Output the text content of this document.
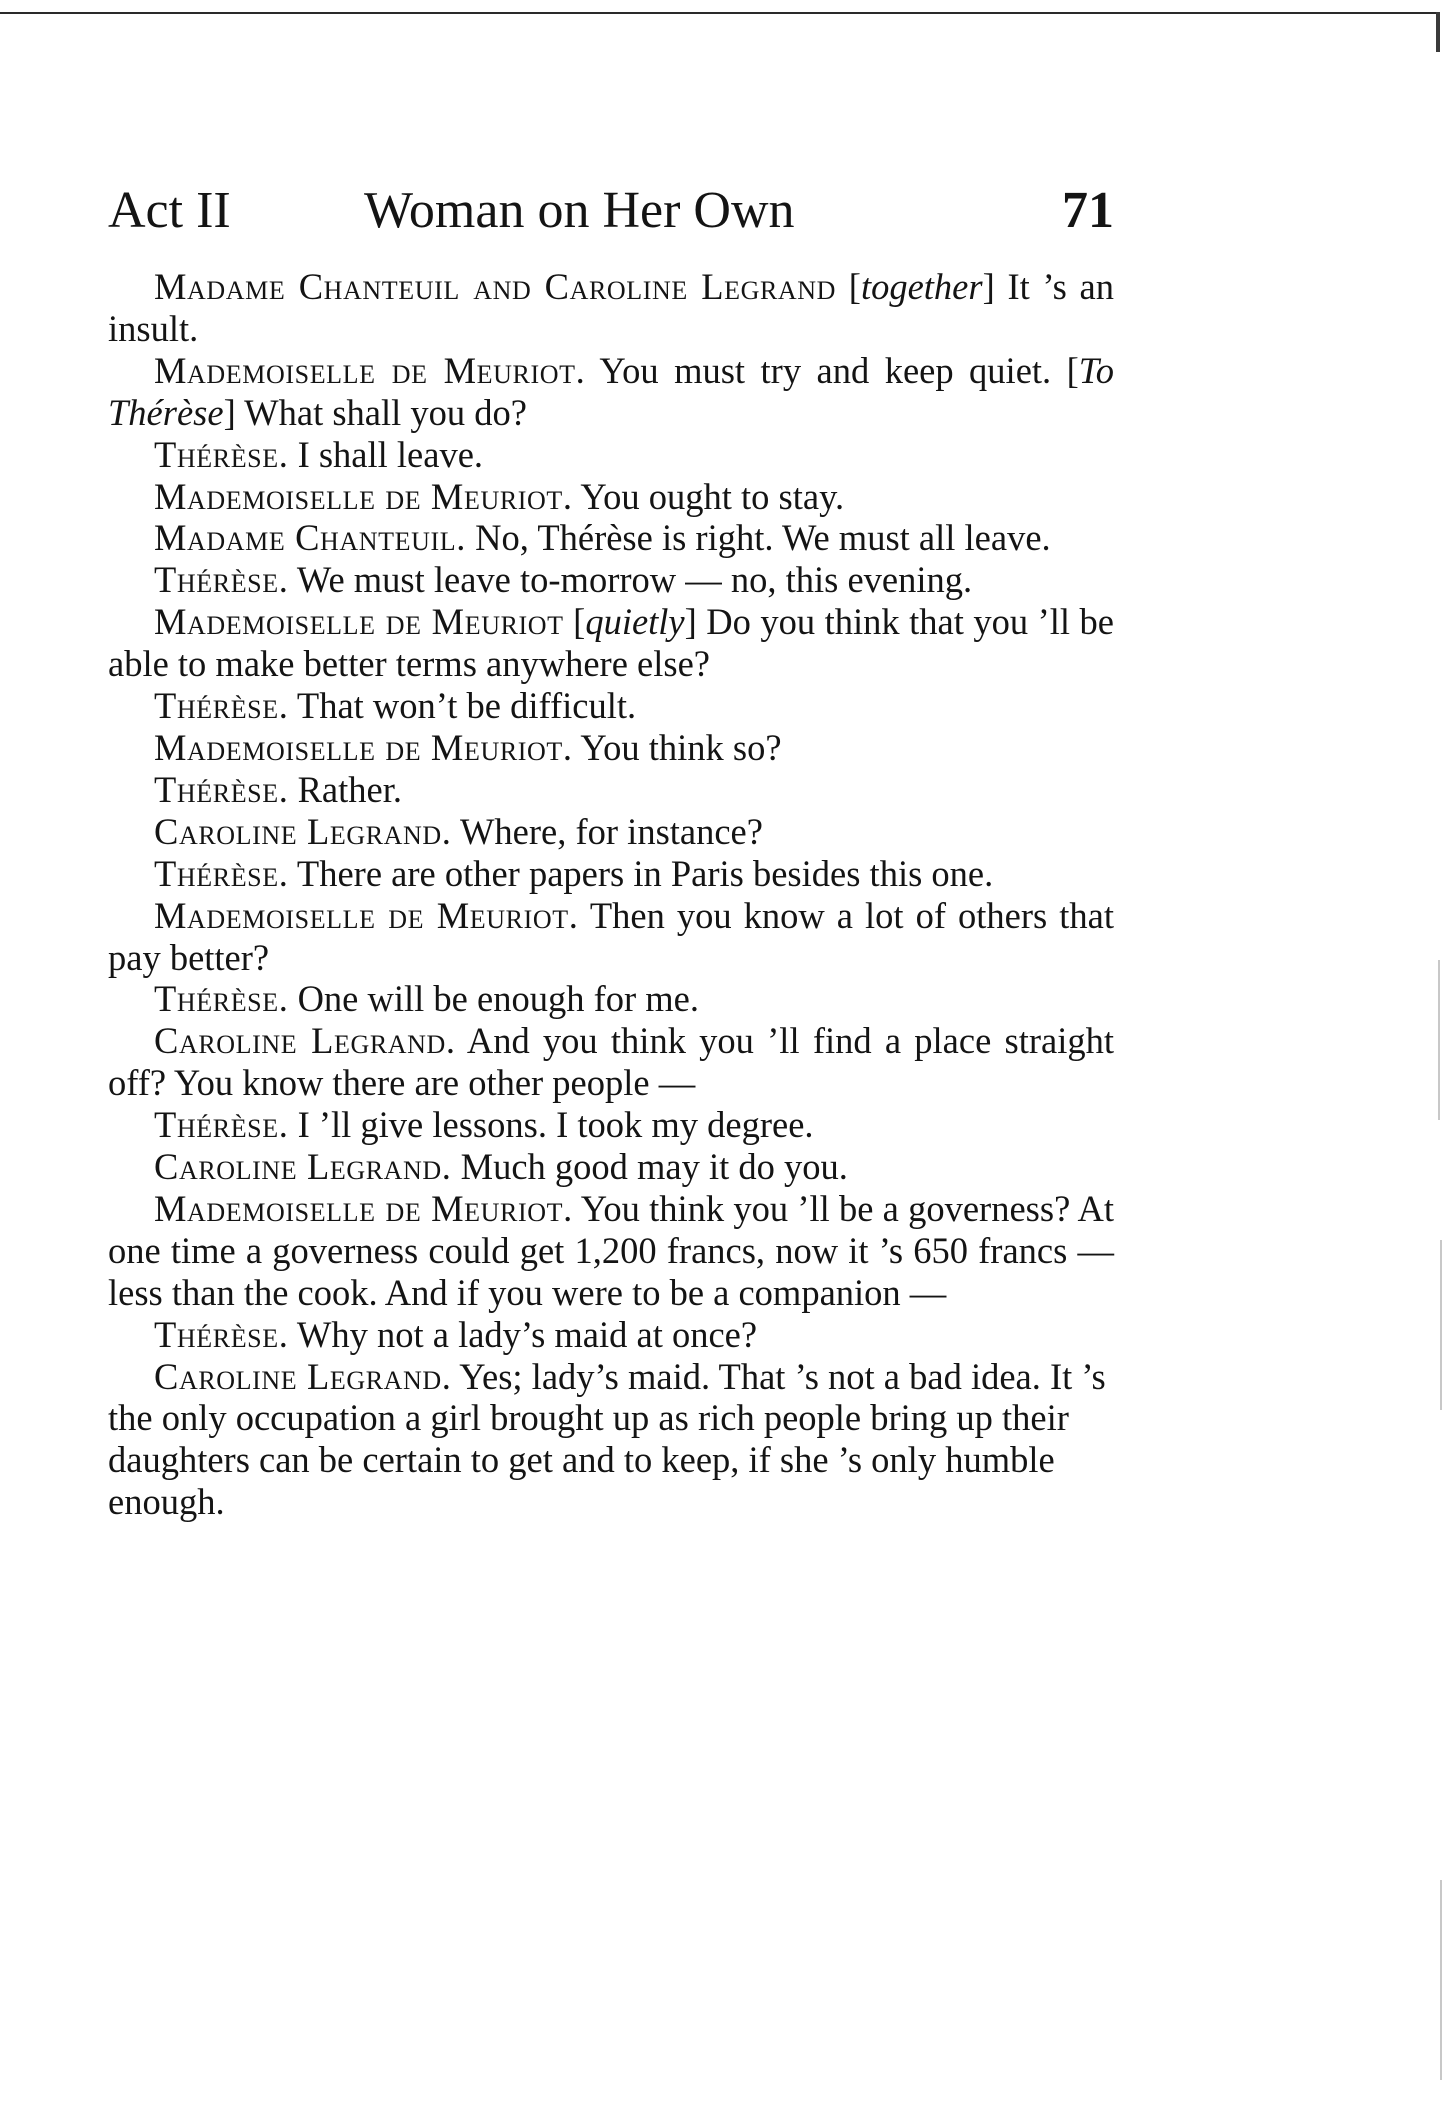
Act II	Woman on Her Own	71

Madame Chanteuil and Caroline Legrand [together] It ’s an insult.

Mademoiselle de Meuriot. You must try and keep quiet. [To Thérèse] What shall you do?

Thérèse. I shall leave.

Mademoiselle de Meuriot. You ought to stay.

Madame Chanteuil. No, Thérèse is right. We must all leave.

Thérèse. We must leave to-morrow — no, this evening.

Mademoiselle de Meuriot [quietly] Do you think that you ’ll be able to make better terms anywhere else?

Thérèse. That won’t be difficult.

Mademoiselle de Meuriot. You think so?

Thérèse. Rather.

Caroline Legrand. Where, for instance?

Thérèse. There are other papers in Paris besides this one.

Mademoiselle de Meuriot. Then you know a lot of others that pay better?

Thérèse. One will be enough for me.

Caroline Legrand. And you think you ’ll find a place straight off? You know there are other people —

Thérèse. I ’ll give lessons. I took my degree.

Caroline Legrand. Much good may it do you.

Mademoiselle de Meuriot. You think you ’ll be a governess? At one time a governess could get 1,200 francs, now it ’s 650 francs — less than the cook. And if you were to be a companion —

Thérèse. Why not a lady’s maid at once?

Caroline Legrand. Yes; lady’s maid. That ’s not a bad idea. It ’s the only occupation a girl brought up as rich people bring up their daughters can be certain to get and to keep, if she ’s only humble enough.
